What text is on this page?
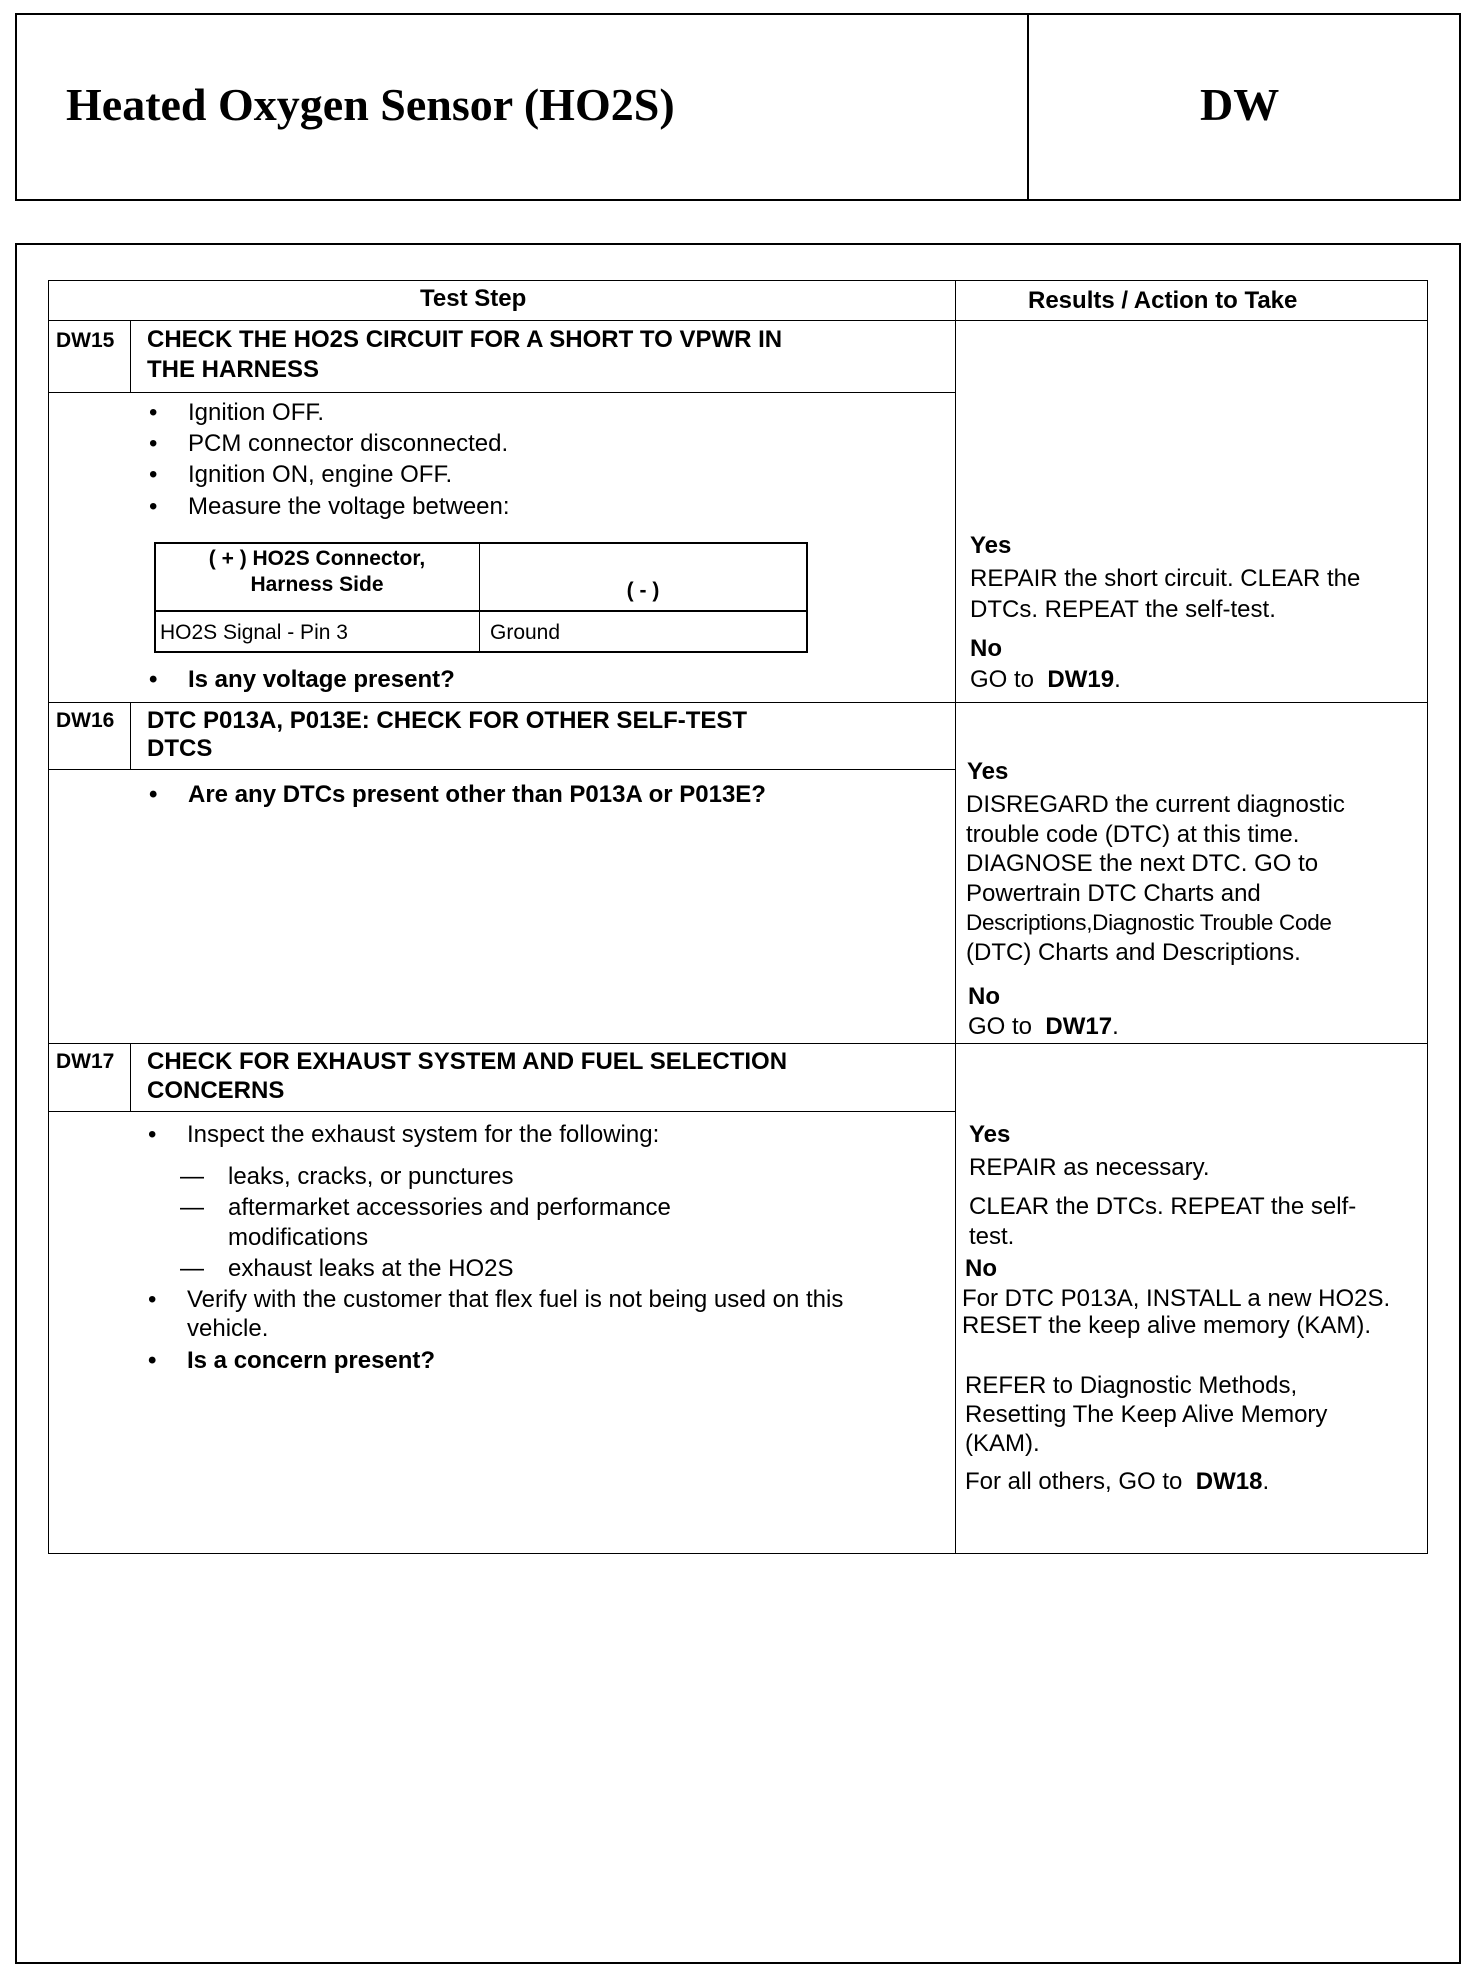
Heated Oxygen Sensor (HO2S)	DW
Test Step	Results / Action to Take
DW15 CHECK THE HO2S CIRCUIT FOR A SHORT TO VPWR IN
THE HARNESS
• Ignition OFF.
• PCM connector disconnected.
• Ignition ON, engine OFF.
• Measure the voltage between:
( + ) HO2S Connector,
Harness Side	( - )
HO2S Signal - Pin 3	Ground
• Is any voltage present?
Yes
REPAIR the short circuit. CLEAR the DTCs. REPEAT the self-test.
No
GO to DW19.
DW16 DTC P013A, P013E: CHECK FOR OTHER SELF-TEST
DTCS
• Are any DTCs present other than P013A or P013E?
Yes
DISREGARD the current diagnostic
trouble code (DTC) at this time.
DIAGNOSE the next DTC. GO to
Powertrain DTC Charts and
Descriptions,Diagnostic Trouble Code
(DTC) Charts and Descriptions.
No
GO to DW17.
DW17 CHECK FOR EXHAUST SYSTEM AND FUEL SELECTION
CONCERNS
• Inspect the exhaust system for the following:
— leaks, cracks, or punctures
— aftermarket accessories and performance modifications
— exhaust leaks at the HO2S
• Verify with the customer that flex fuel is not being used on this vehicle.
• Is a concern present?
Yes
REPAIR as necessary.
CLEAR the DTCs. REPEAT the self-test.
No
For DTC P013A, INSTALL a new HO2S. RESET the keep alive memory (KAM).
REFER to Diagnostic Methods, Resetting The Keep Alive Memory (KAM).
For all others, GO to DW18.
